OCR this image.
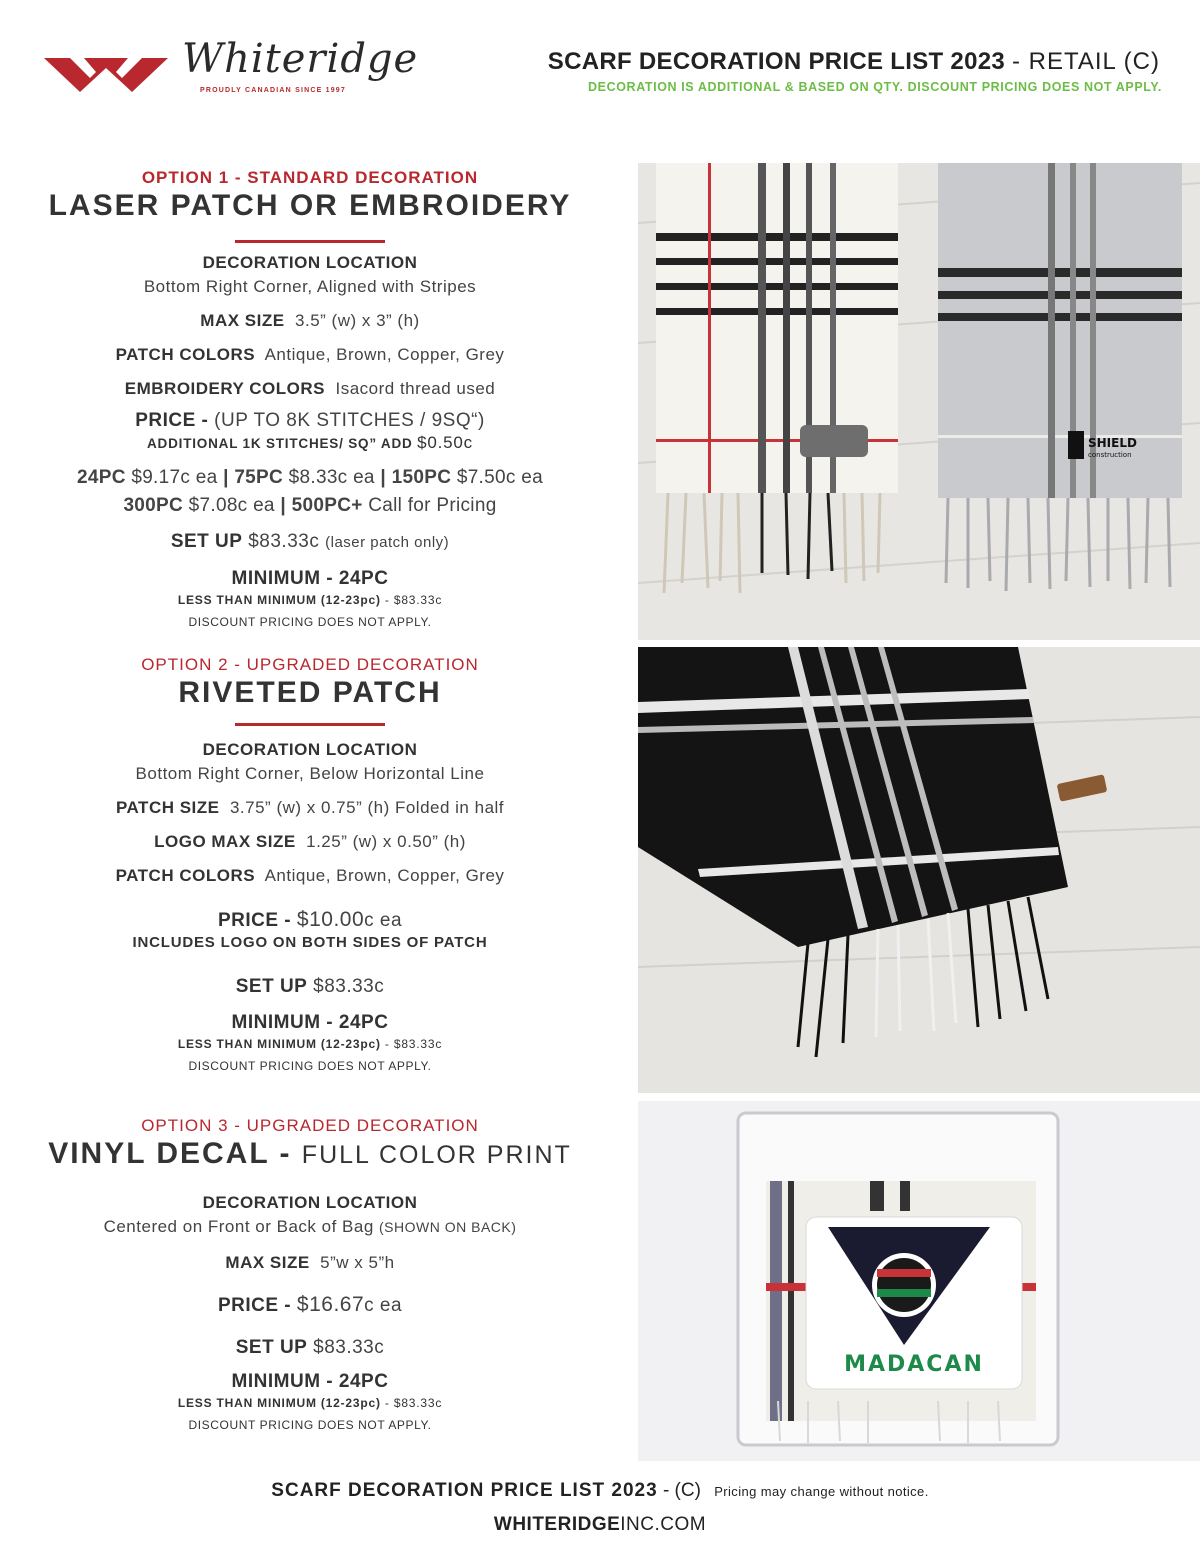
Whiteridge
PROUDLY CANADIAN SINCE 1997
SCARF DECORATION PRICE LIST 2023 - RETAIL (C)
DECORATION IS ADDITIONAL & BASED ON QTY. DISCOUNT PRICING DOES NOT APPLY.
OPTION 1 - STANDARD DECORATION
LASER PATCH OR EMBROIDERY
DECORATION LOCATION
Bottom Right Corner, Aligned with Stripes
MAX SIZE 3.5” (w) x 3” (h)
PATCH COLORS Antique, Brown, Copper, Grey
EMBROIDERY COLORS Isacord thread used
PRICE - (UP TO 8K STITCHES / 9SQ“)
ADDITIONAL 1K STITCHES/ SQ” ADD $0.50c
24PC $9.17c ea | 75PC $8.33c ea | 150PC $7.50c ea
300PC $7.08c ea | 500PC+ Call for Pricing
SET UP $83.33c (laser patch only)
MINIMUM - 24PC
LESS THAN MINIMUM (12-23pc) - $83.33c
DISCOUNT PRICING DOES NOT APPLY.
OPTION 2 - UPGRADED DECORATION
RIVETED PATCH
DECORATION LOCATION
Bottom Right Corner, Below Horizontal Line
PATCH SIZE 3.75” (w) x 0.75” (h) Folded in half
LOGO MAX SIZE 1.25” (w) x 0.50” (h)
PATCH COLORS Antique, Brown, Copper, Grey
PRICE - $10.00c ea
INCLUDES LOGO ON BOTH SIDES OF PATCH
SET UP $83.33c
MINIMUM - 24PC
LESS THAN MINIMUM (12-23pc) - $83.33c
DISCOUNT PRICING DOES NOT APPLY.
OPTION 3 - UPGRADED DECORATION
VINYL DECAL - FULL COLOR PRINT
DECORATION LOCATION
Centered on Front or Back of Bag (SHOWN ON BACK)
MAX SIZE 5”w x 5”h
PRICE - $16.67c ea
SET UP $83.33c
MINIMUM - 24PC
LESS THAN MINIMUM (12-23pc) - $83.33c
DISCOUNT PRICING DOES NOT APPLY.
SHIELD
construction
MADACAN
SCARF DECORATION PRICE LIST 2023 - (C) Pricing may change without notice.
WHITERIDGEINC.COM
